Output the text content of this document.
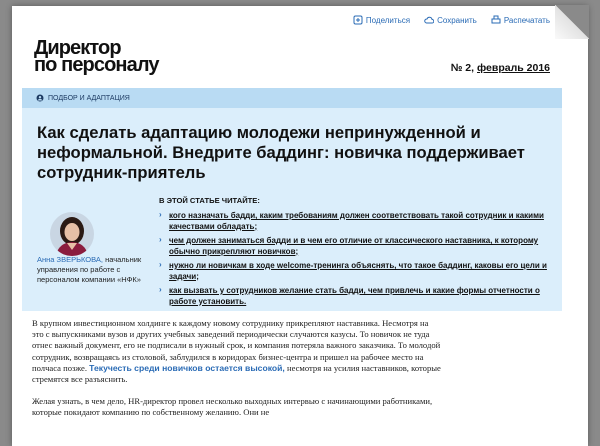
Поделиться	Сохранить	Распечатать
Директор
по персоналу	№ 2, февраль 2016
ПОДБОР И АДАПТАЦИЯ
Как сделать адаптацию молодежи непринужденной и неформальной. Внедрите баддинг: новичка поддерживает сотрудник-приятель
Анна ЗВЕРЬКОВА, начальник управления по работе с персоналом компании «НФК»
В ЭТОЙ СТАТЬЕ ЧИТАЙТЕ:
› кого назначать бадди, каким требованиям должен соответствовать такой сотрудник и какими качествами обладать;
› чем должен заниматься бадди и в чем его отличие от классического наставника, к которому обычно прикрепляют новичков;
› нужно ли новичкам в ходе welcome-тренинга объяснять, что такое баддинг, каковы его цели и задачи;
› как вызвать у сотрудников желание стать бадди, чем привлечь и какие формы отчетности о работе установить.

В крупном инвестиционном холдинге к каждому новому сотруднику прикрепляют наставника. Несмотря на это с выпускниками вузов и других учебных заведений периодически случаются казусы. То новичок не туда отнес важный документ, его не подписали в нужный срок, и компания потеряла важного заказчика. То молодой сотрудник, возвращаясь из столовой, заблудился в коридорах бизнес-центра и пришел на рабочее место на полчаса позже. Текучесть среди новичков остается высокой, несмотря на усилия наставников, которые стремятся все разъяснить.

Желая узнать, в чем дело, HR-директор провел несколько выходных интервью с начинающими работниками, которые покидают компанию по собственному желанию. Они не
